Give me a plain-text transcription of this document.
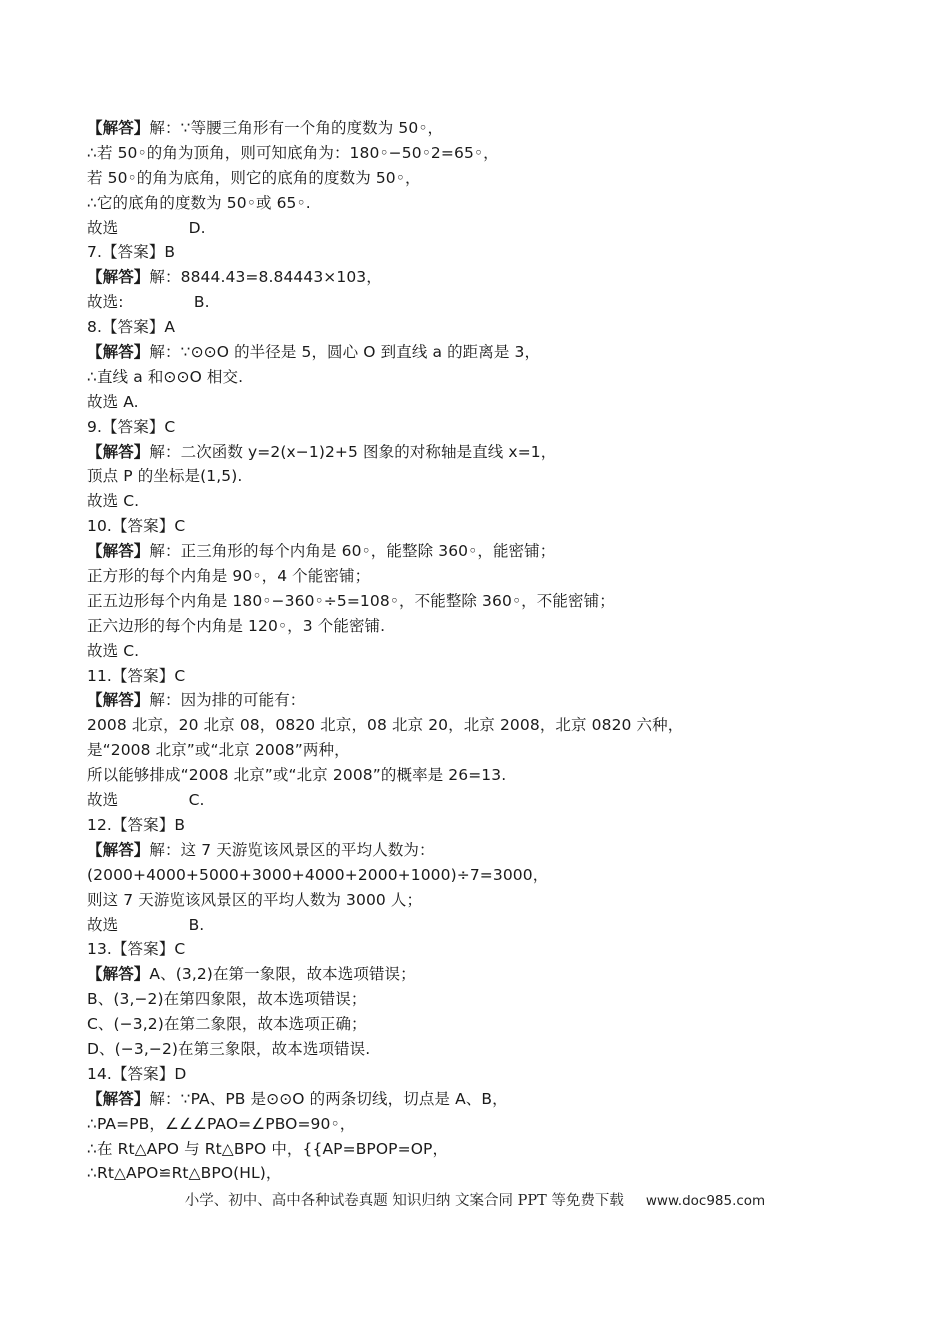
【解答】解：∵等腰三角形有一个角的度数为 50◦，
∴若 50◦的角为顶角，则可知底角为：180◦−50◦2=65◦，
若 50◦的角为底角，则它的底角的度数为 50◦，
∴它的底角的度数为 50◦或 65◦.
故选              D.
7.【答案】B
【解答】解：8844.43=8.84443×103，
故选:              B.
8.【答案】A
【解答】解：∵⊙⊙O 的半径是 5，圆心 O 到直线 a 的距离是 3，
∴直线 a 和⊙⊙O 相交.
故选 A.
9.【答案】C
【解答】解：二次函数 y=2(x−1)2+5 图象的对称轴是直线 x=1，
顶点 P 的坐标是(1,5).
故选 C.
10.【答案】C
【解答】解：正三角形的每个内角是 60◦，能整除 360◦，能密铺；
正方形的每个内角是 90◦，4 个能密铺；
正五边形每个内角是 180◦−360◦÷5=108◦，不能整除 360◦，不能密铺；
正六边形的每个内角是 120◦，3 个能密铺.
故选 C.
11.【答案】C
【解答】解：因为排的可能有：
2008 北京，20 北京 08，0820 北京，08 北京 20，北京 2008，北京 0820 六种，
是“2008 北京”或“北京 2008”两种，
所以能够排成“2008 北京”或“北京 2008”的概率是 26=13.
故选              C.
12.【答案】B
【解答】解：这 7 天游览该风景区的平均人数为：
(2000+4000+5000+3000+4000+2000+1000)÷7=3000，
则这 7 天游览该风景区的平均人数为 3000 人；
故选              B.
13.【答案】C
【解答】A、(3,2)在第一象限，故本选项错误；
B、(3,−2)在第四象限，故本选项错误；
C、(−3,2)在第二象限，故本选项正确；
D、(−3,−2)在第三象限，故本选项错误.
14.【答案】D
【解答】解：∵PA、PB 是⊙⊙O 的两条切线，切点是 A、B，
∴PA=PB，∠∠∠PAO=∠PBO=90◦，
∴在 Rt△APO 与 Rt△BPO 中，{{AP=BPOP=OP，
∴Rt△APO≌Rt△BPO(HL)，
小学、初中、高中各种试卷真题 知识归纳 文案合同 PPT 等免费下载 www.doc985.com
